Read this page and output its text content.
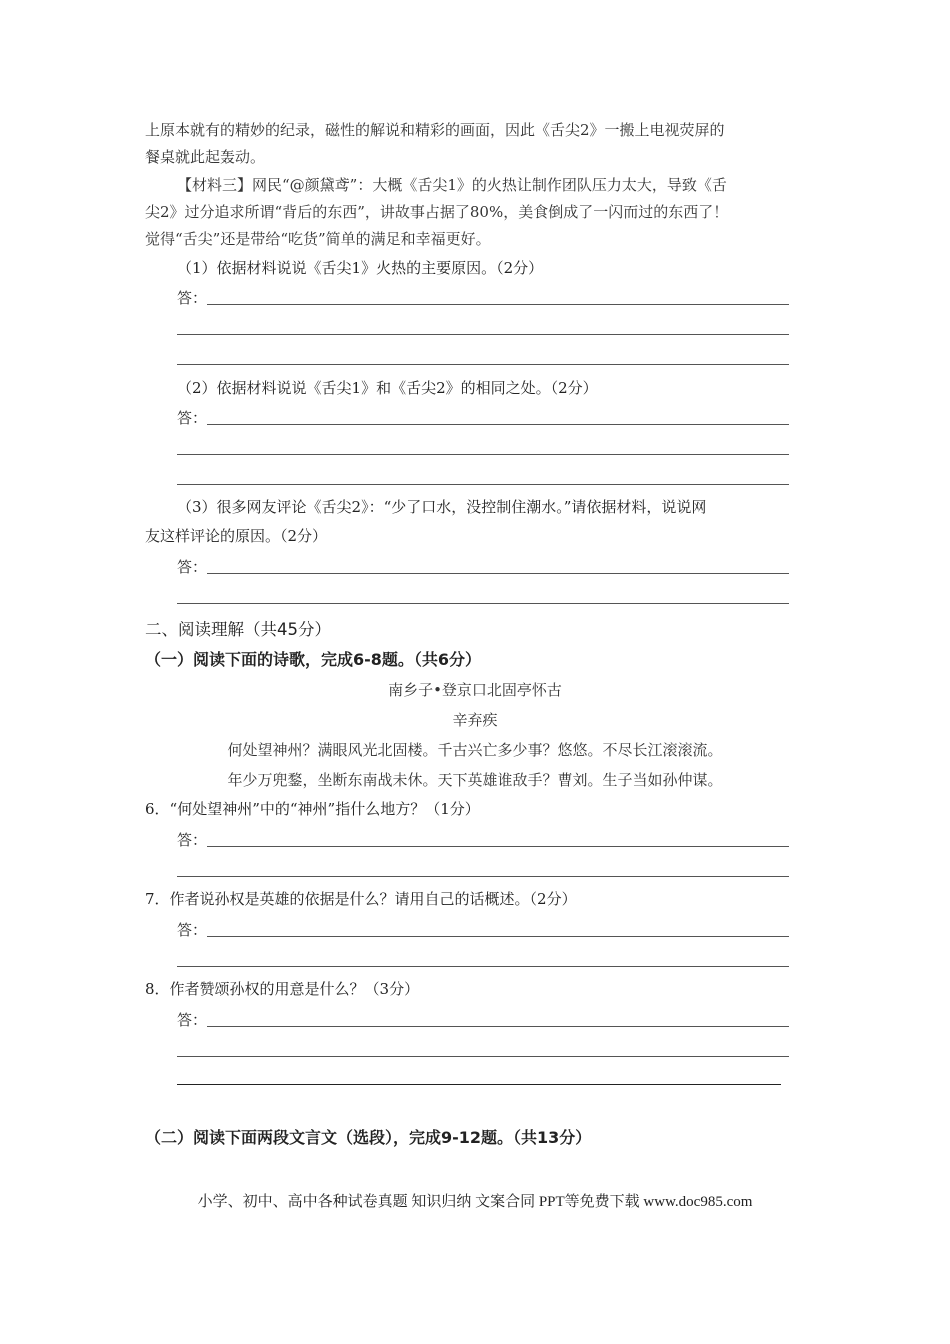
上原本就有的精妙的纪录，磁性的解说和精彩的画面，因此《舌尖2》一搬上电视荧屏的
餐桌就此起轰动。
【材料三】网民“@颜黛鸢”：大概《舌尖1》的火热让制作团队压力太大，导致《舌
尖2》过分追求所谓“背后的东西”，讲故事占据了80%，美食倒成了一闪而过的东西了！
觉得“舌尖”还是带给“吃货”简单的满足和幸福更好。
（1）依据材料说说《舌尖1》火热的主要原因。（2分）
答：
（2）依据材料说说《舌尖1》和《舌尖2》的相同之处。（2分）
答：
（3）很多网友评论《舌尖2》：“少了口水，没控制住潮水。”请依据材料，说说网
友这样评论的原因。（2分）
答：
二、阅读理解（共45分）
（一）阅读下面的诗歌，完成6-8题。（共6分）
南乡子•登京口北固亭怀古
辛弃疾
何处望神州？满眼风光北固楼。千古兴亡多少事？悠悠。不尽长江滚滚流。
年少万兜鍪，坐断东南战未休。天下英雄谁敌手？曹刘。生子当如孙仲谋。
6．“何处望神州”中的“神州”指什么地方？（1分）
答：
7．作者说孙权是英雄的依据是什么？请用自己的话概述。（2分）
答：
8．作者赞颂孙权的用意是什么？（3分）
答：
（二）阅读下面两段文言文（选段），完成9-12题。（共13分）
小学、初中、高中各种试卷真题 知识归纳 文案合同 PPT等免费下载 www.doc985.com
